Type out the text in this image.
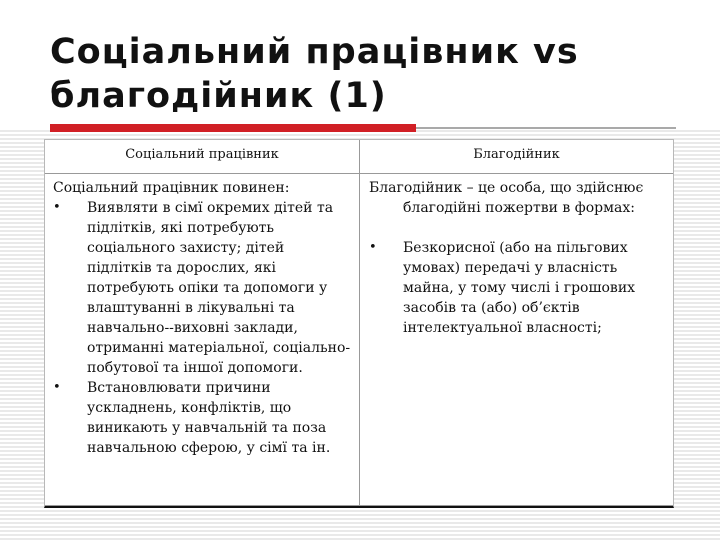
Соціальний працівник vs благодійник (1)

Соціальний працівник	Благодійник

Соціальний працівник повинен:

• Виявляти в сімї окремих дітей та підлітків, які потребують соціального захисту; дітей підлітків та дорослих, які потребують опіки та допомоги у влаштуванні в лікувальні та навчально--виховні заклади, отриманні матеріальної, соціально-побутової та іншої допомоги.
• Встановлювати причини ускладнень, конфліктів, що виникають у навчальній та поза навчальною сферою, у сімї та ін.

Благодійник – це особа, що здійснює благодійні пожертви в формах:

• Безкорисної (або на пільгових умовах) передачі у власність майна, у тому числі і грошових засобів та (або) об’єктів інтелектуальної власності;
